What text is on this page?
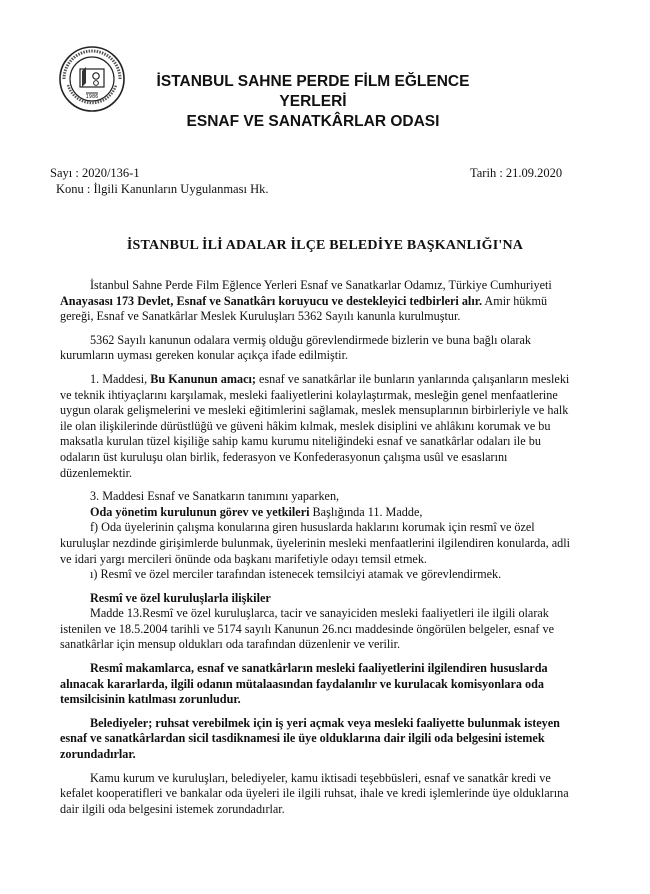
1986
İSTANBUL SAHNE PERDE FİLM EĞLENCE YERLERİ
ESNAF VE SANATKÂRLAR ODASI
Sayı : 2020/136-1
Konu : İlgili Kanunların Uygulanması Hk.
Tarih : 21.09.2020
İSTANBUL İLİ ADALAR İLÇE BELEDİYE BAŞKANLIĞI'NA

İstanbul Sahne Perde Film Eğlence Yerleri Esnaf ve Sanatkarlar Odamız, Türkiye Cumhuriyeti Anayasası 173 Devlet, Esnaf ve Sanatkârı koruyucu ve destekleyici tedbirleri alır. Amir hükmü gereği, Esnaf ve Sanatkârlar Meslek Kuruluşları 5362 Sayılı kanunla kurulmuştur.

5362 Sayılı kanunun odalara vermiş olduğu görevlendirmede bizlerin ve buna bağlı olarak kurumların uyması gereken konular açıkça ifade edilmiştir.

1. Maddesi, Bu Kanunun amacı; esnaf ve sanatkârlar ile bunların yanlarında çalışanların mesleki ve teknik ihtiyaçlarını karşılamak, mesleki faaliyetlerini kolaylaştırmak, mesleğin genel menfaatlerine uygun olarak gelişmelerini ve mesleki eğitimlerini sağlamak, meslek mensuplarının birbirleriyle ve halk ile olan ilişkilerinde dürüstlüğü ve güveni hâkim kılmak, meslek disiplini ve ahlâkını korumak ve bu maksatla kurulan tüzel kişiliğe sahip kamu kurumu niteliğindeki esnaf ve sanatkârlar odaları ile bu odaların üst kuruluşu olan birlik, federasyon ve Konfederasyonun çalışma usûl ve esaslarını düzenlemektir.

3. Maddesi Esnaf ve Sanatkarın tanımını yaparken,

Oda yönetim kurulunun görev ve yetkileri Başlığında 11. Madde,

f) Oda üyelerinin çalışma konularına giren hususlarda haklarını korumak için resmî ve özel kuruluşlar nezdinde girişimlerde bulunmak, üyelerinin mesleki menfaatlerini ilgilendiren konularda, adli ve idari yargı mercileri önünde oda başkanı marifetiyle odayı temsil etmek.

ı) Resmî ve özel merciler tarafından istenecek temsilciyi atamak ve görevlendirmek.

Resmî ve özel kuruluşlarla ilişkiler

Madde 13.Resmî ve özel kuruluşlarca, tacir ve sanayiciden mesleki faaliyetleri ile ilgili olarak istenilen ve 18.5.2004 tarihli ve 5174 sayılı Kanunun 26.ncı maddesinde öngörülen belgeler, esnaf ve sanatkârlar için mensup oldukları oda tarafından düzenlenir ve verilir.

Resmî makamlarca, esnaf ve sanatkârların mesleki faaliyetlerini ilgilendiren hususlarda alınacak kararlarda, ilgili odanın mütalaasından faydalanılır ve kurulacak komisyonlara oda temsilcisinin katılması zorunludur.

Belediyeler; ruhsat verebilmek için iş yeri açmak veya mesleki faaliyette bulunmak isteyen esnaf ve sanatkârlardan sicil tasdiknamesi ile üye olduklarına dair ilgili oda belgesini istemek zorundadırlar.

Kamu kurum ve kuruluşları, belediyeler, kamu iktisadi teşebbüsleri, esnaf ve sanatkâr kredi ve kefalet kooperatifleri ve bankalar oda üyeleri ile ilgili ruhsat, ihale ve kredi işlemlerinde üye olduklarına dair ilgili oda belgesini istemek zorundadırlar.
